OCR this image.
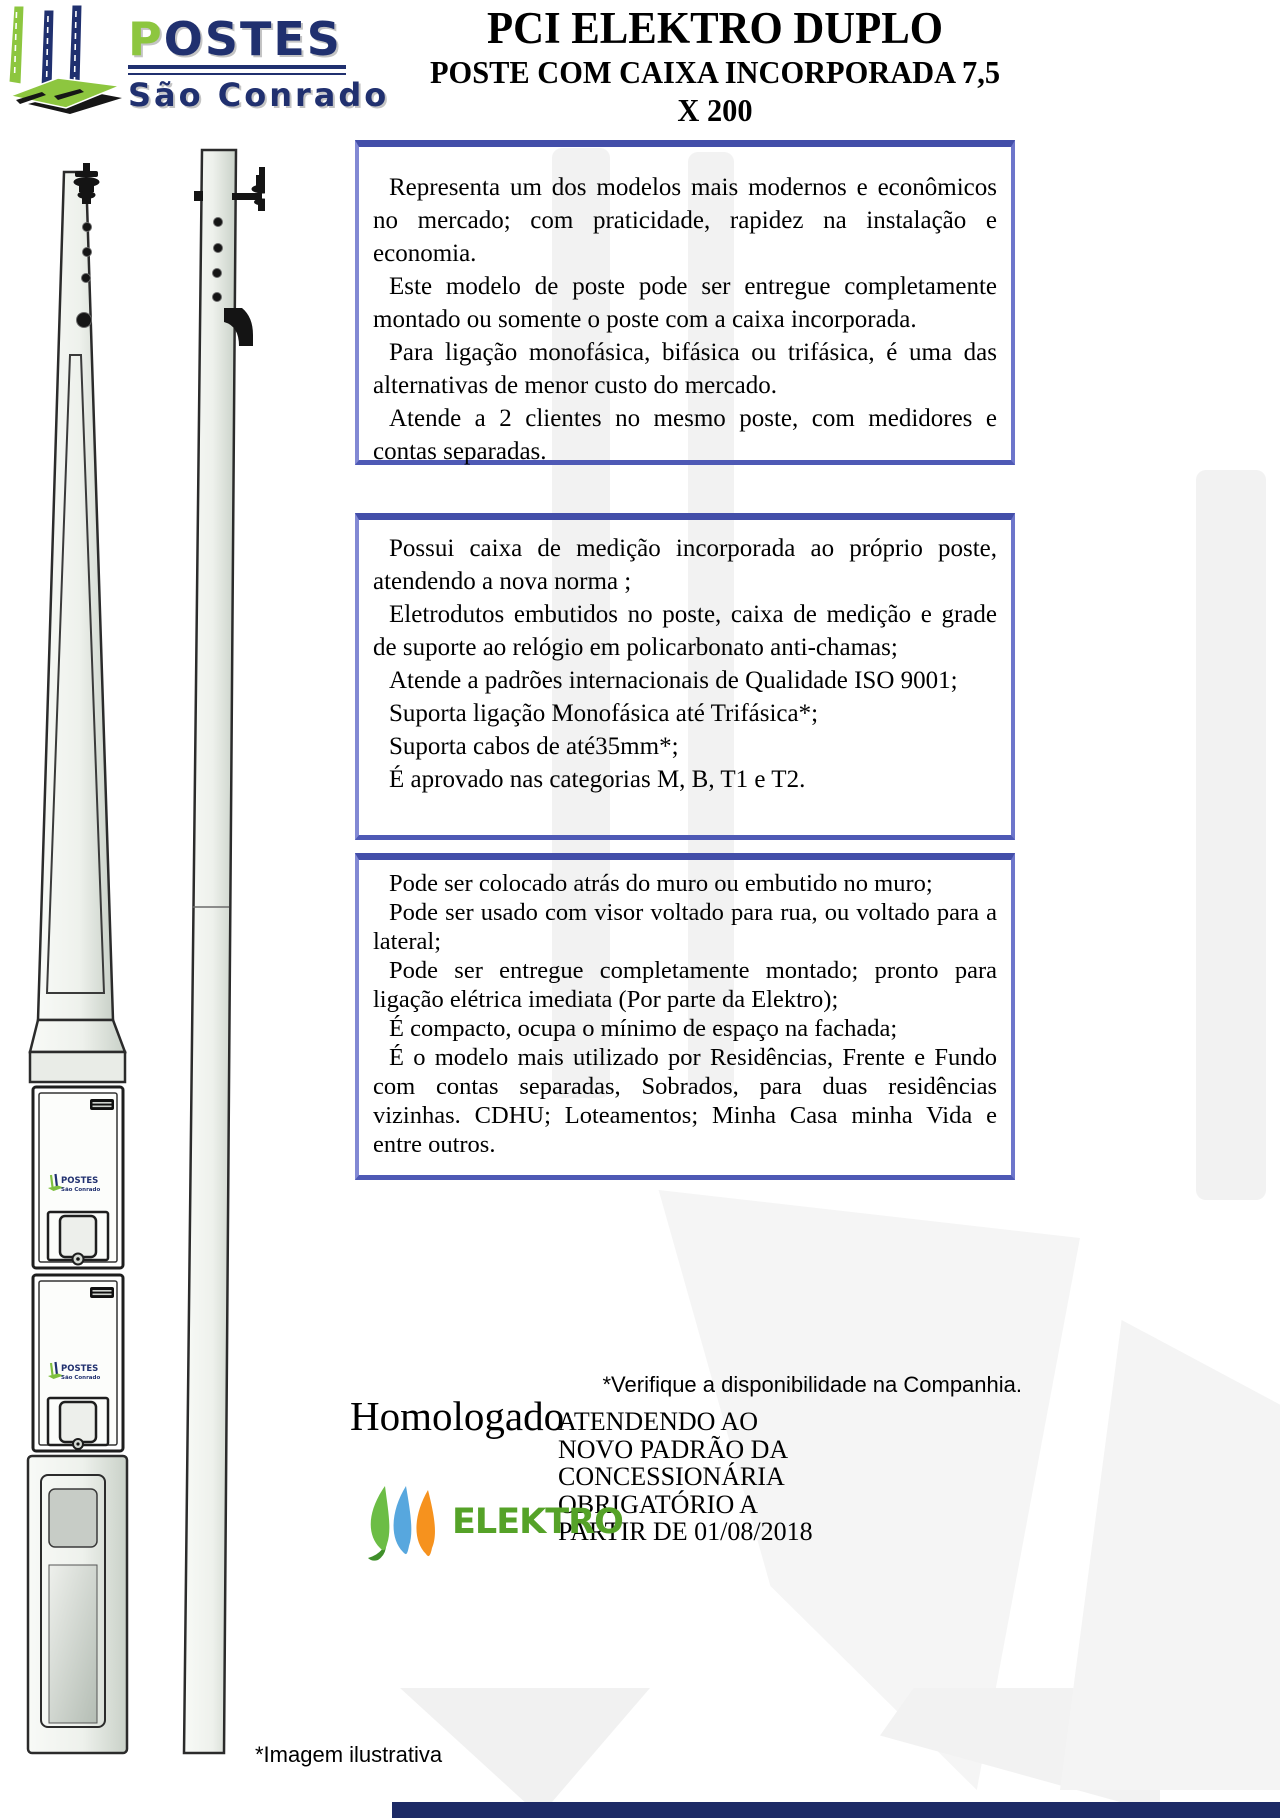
POSTES
São Conrado
PCI ELEKTRO DUPLO
POSTE COM CAIXA INCORPORADA 7,5 X 200
POSTES
São Conrado
POSTES
São Conrado

Representa um dos modelos mais modernos e econômicos no mercado; com praticidade, rapidez na instalação e economia.

Este modelo de poste pode ser entregue completamente montado ou somente o poste com a caixa incorporada.

Para ligação monofásica, bifásica ou trifásica, é uma das alternativas de menor custo do mercado.

Atende a 2 clientes no mesmo poste, com medidores e contas separadas.

Possui caixa de medição incorporada ao próprio poste, atendendo a nova norma ;

Eletrodutos embutidos no poste, caixa de medição e grade de suporte ao relógio em policarbonato anti-chamas;

Atende a padrões internacionais de Qualidade ISO 9001;

Suporta ligação Monofásica até Trifásica*;

Suporta cabos de até35mm*;

É aprovado nas categorias M, B, T1 e T2.

Pode ser colocado atrás do muro ou embutido no muro;

Pode ser usado com visor voltado para rua, ou voltado para a lateral;

Pode ser entregue completamente montado; pronto para ligação elétrica imediata (Por parte da Elektro);

É compacto, ocupa o mínimo de espaço na fachada;

É o modelo mais utilizado por Residências, Frente e Fundo com contas separadas, Sobrados, para duas residências vizinhas. CDHU; Loteamentos; Minha Casa minha Vida e entre outros.

*Verifique a disponibilidade na Companhia.
Homologado
ATENDENDO AO
NOVO PADRÃO DA
CONCESSIONÁRIA
OBRIGATÓRIO A
PARTIR DE 01/08/2018
ELEKTRO
*Imagem ilustrativa
